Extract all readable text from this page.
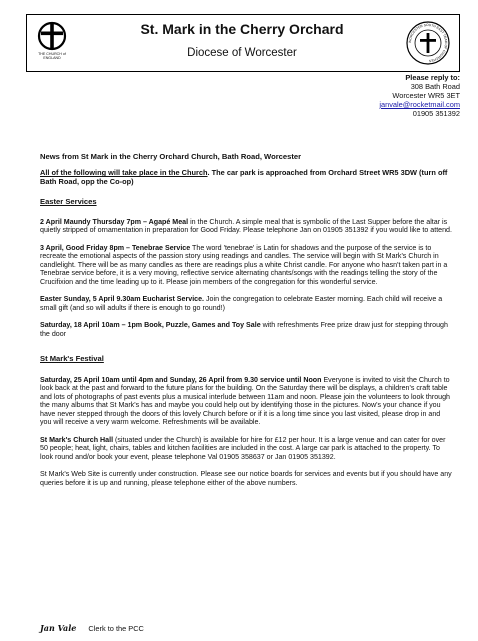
THE CHURCH of ENGLAND
St. Mark in the Cherry Orchard
Diocese of Worcester
WORCESTER SOUTH EAST TEAM OF CHURCHES
Please reply to:
308 Bath Road
Worcester WR5 3ET
janvale@rocketmail.com
01905 351392

News from St Mark in the Cherry Orchard Church, Bath Road, Worcester

All of the following will take place in the Church. The car park is approached from Orchard Street WR5 3DW (turn off Bath Road, opp the Co-op)

Easter Services

2 April Maundy Thursday 7pm – Agapé Meal in the Church. A simple meal that is symbolic of the Last Supper before the altar is quietly stripped of ornamentation in preparation for Good Friday. Please telephone Jan on 01905 351392 if you would like to attend.

3 April, Good Friday 8pm – Tenebrae Service The word 'tenebrae' is Latin for shadows and the purpose of the service is to recreate the emotional aspects of the passion story using readings and candles. The service will begin with St Mark's Church in candlelight. There will be as many candles as there are readings plus a white Christ candle. For anyone who hasn't taken part in a Tenebrae service before, it is a very moving, reflective service alternating chants/songs with the readings telling the story of the Crucifixion and the time leading up to it. Please join members of the congregation for this wonderful service.

Easter Sunday, 5 April 9.30am Eucharist Service. Join the congregation to celebrate Easter morning. Each child will receive a small gift (and so will adults if there is enough to go round!)

Saturday, 18 April 10am – 1pm Book, Puzzle, Games and Toy Sale with refreshments Free prize draw just for stepping through the door

St Mark's Festival

Saturday, 25 April 10am until 4pm and Sunday, 26 April from 9.30 service until Noon Everyone is invited to visit the Church to look back at the past and forward to the future plans for the building. On the Saturday there will be displays, a children's craft table and lots of photographs of past events plus a musical interlude between 11am and noon. Please join the volunteers to look through the many albums that St Mark's has and maybe you could help out by identifying those in the pictures. Now's your chance if you have never stepped through the doors of this lovely Church before or if it is a long time since you last visited, please drop in and you will receive a very warm welcome. Refreshments will be available.

St Mark's Church Hall (situated under the Church) is available for hire for £12 per hour. It is a large venue and can cater for over 50 people; heat, light, chairs, tables and kitchen facilities are included in the cost. A large car park is attached to the property. To look round and/or book your event, please telephone Val 01905 358637 or Jan 01905 351392.

St Mark's Web Site is currently under construction. Please see our notice boards for services and events but if you should have any queries before it is up and running, please telephone either of the above numbers.

Jan Vale Clerk to the PCC
